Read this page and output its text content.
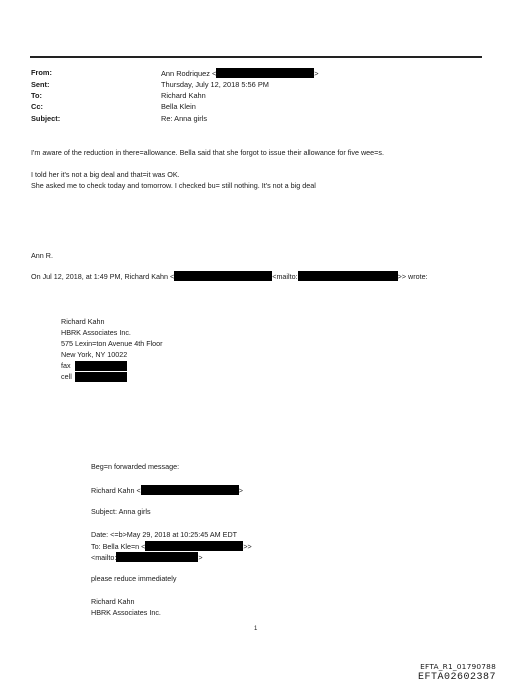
From:	Ann Rodriquez <	>
Sent:	Thursday, July 12, 2018 5:56 PM
To:	Richard Kahn
Cc:	Bella Klein
Subject:	Re: Anna girls
I'm aware of the reduction in there=allowance. Bella said that she forgot to issue their allowance for five wee=s.
I told her it's not a big deal and that=it was OK.
She asked me to check today and tomorrow. I checked bu= still nothing. It's not a big deal
Ann R.
On Jul 12, 2018, at 1:49 PM, Richard Kahn <	<mailto:	>> wrote:
Richard Kahn
HBRK Associates Inc.
575 Lexin=ton Avenue 4th Floor
New York, NY 10022
fax
cell
Beg=n forwarded message:
Richard Kahn <	>
Subject: Anna girls
Date: <=b>May 29, 2018 at 10:25:45 AM EDT
To: Bella Kle=n <	>>
<mailto:	>
please reduce immediately
Richard Kahn
HBRK Associates Inc.
1
EFTA_R1_01790788
EFTA02602387
